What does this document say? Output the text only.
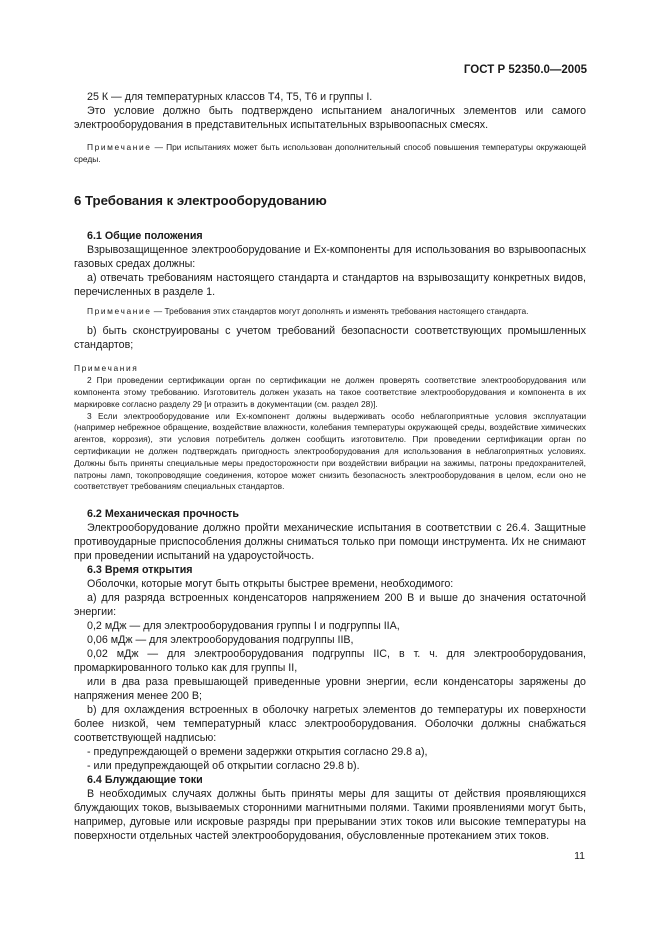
ГОСТ Р 52350.0—2005

25 К — для температурных классов Т4, Т5, Т6 и группы I.

Это условие должно быть подтверждено испытанием аналогичных элементов или самого электрооборудования в представительных испытательных взрывоопасных смесях.

Примечание — При испытаниях может быть использован дополнительный способ повышения температуры окружающей среды.

6 Требования к электрооборудованию
6.1 Общие положения

Взрывозащищенное электрооборудование и Ex-компоненты для использования во взрывоопасных газовых средах должны:

a) отвечать требованиям настоящего стандарта и стандартов на взрывозащиту конкретных видов, перечисленных в разделе 1.

Примечание — Требования этих стандартов могут дополнять и изменять требования настоящего стандарта.

b) быть сконструированы с учетом требований безопасности соответствующих промышленных стандартов;

Примечания

2 При проведении сертификации орган по сертификации не должен проверять соответствие электрооборудования или компонента этому требованию. Изготовитель должен указать на такое соответствие электрооборудования и компонента в их маркировке согласно разделу 29 [и отразить в документации (см. раздел 28)].

3 Если электрооборудование или Ex-компонент должны выдерживать особо неблагоприятные условия эксплуатации (например небрежное обращение, воздействие влажности, колебания температуры окружающей среды, воздействие химических агентов, коррозия), эти условия потребитель должен сообщить изготовителю. При проведении сертификации орган по сертификации не должен подтверждать пригодность электрооборудования для использования в неблагоприятных условиях. Должны быть приняты специальные меры предосторожности при воздействии вибрации на зажимы, патроны предохранителей, патроны ламп, токопроводящие соединения, которое может снизить безопасность электрооборудования в целом, если оно не соответствует требованиям специальных стандартов.

6.2 Механическая прочность

Электрооборудование должно пройти механические испытания в соответствии с 26.4. Защитные противоударные приспособления должны сниматься только при помощи инструмента. Их не снимают при проведении испытаний на удароустойчость.

6.3 Время открытия

Оболочки, которые могут быть открыты быстрее времени, необходимого:

a) для разряда встроенных конденсаторов напряжением 200 В и выше до значения остаточной энергии:

0,2 мДж — для электрооборудования группы I и подгруппы IIA,

0,06 мДж — для электрооборудования подгруппы IIB,

0,02 мДж — для электрооборудования подгруппы IIC, в т. ч. для электрооборудования, промаркированного только как для группы II,

или в два раза превышающей приведенные уровни энергии, если конденсаторы заряжены до напряжения менее 200 В;

b) для охлаждения встроенных в оболочку нагретых элементов до температуры их поверхности более низкой, чем температурный класс электрооборудования. Оболочки должны снабжаться соответствующей надписью:

- предупреждающей о времени задержки открытия согласно 29.8 а),

- или предупреждающей об открытии согласно 29.8 b).

6.4 Блуждающие токи

В необходимых случаях должны быть приняты меры для защиты от действия проявляющихся блуждающих токов, вызываемых сторонними магнитными полями. Такими проявлениями могут быть, например, дуговые или искровые разряды при прерывании этих токов или высокие температуры на поверхности отдельных частей электрооборудования, обусловленные протеканием этих токов.

11
